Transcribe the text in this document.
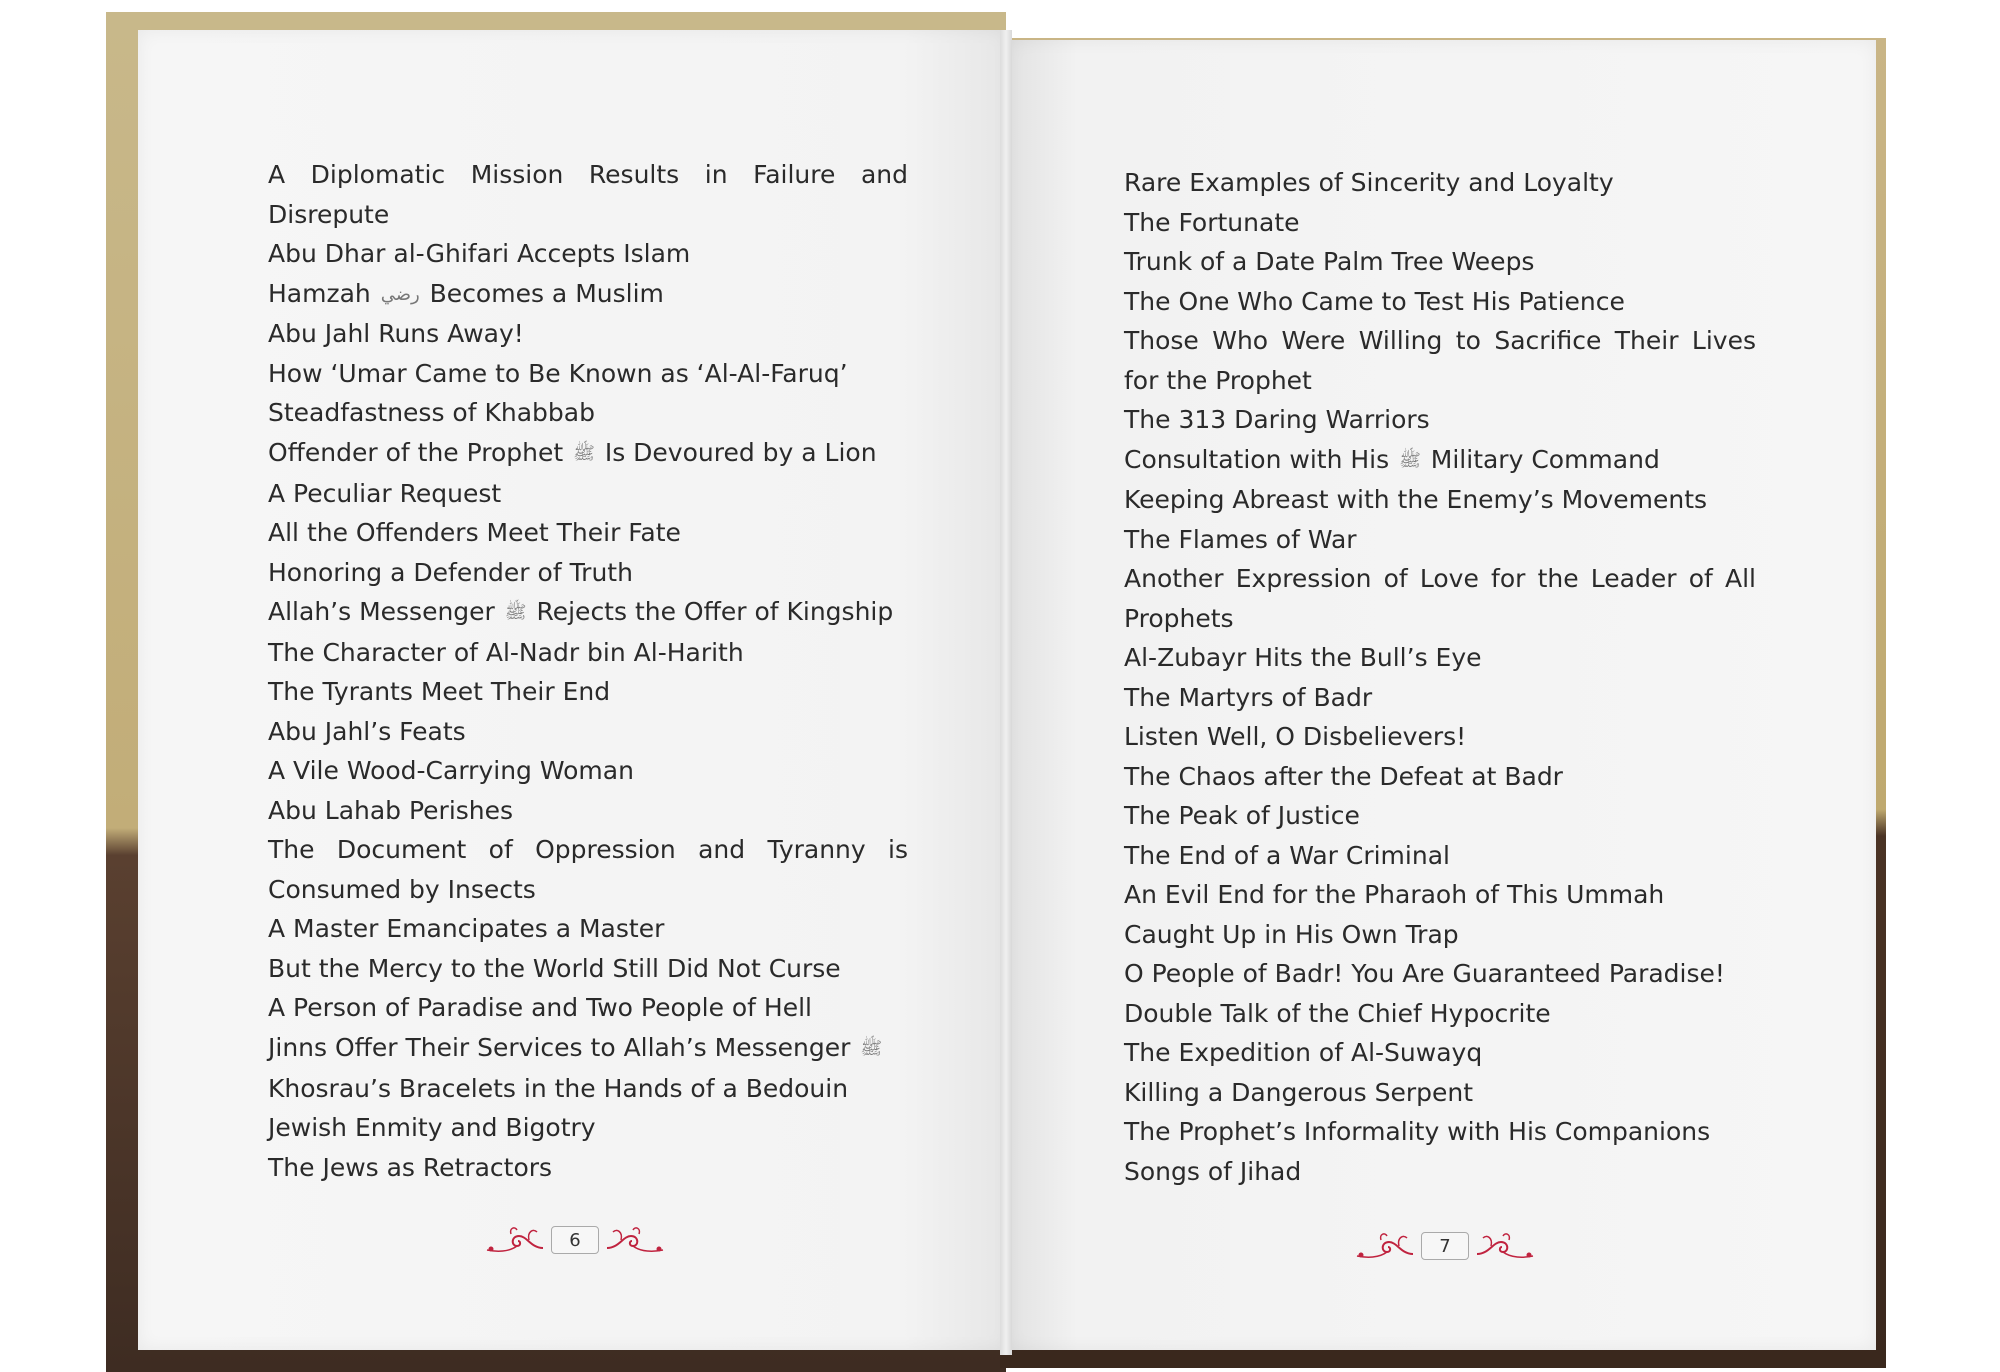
A Diplomatic Mission Results in Failure and Disrepute
Abu Dhar al-Ghifari Accepts Islam
Hamzah رضي Becomes a Muslim
Abu Jahl Runs Away!
How ‘Umar Came to Be Known as ‘Al-Al-Faruq’
Steadfastness of Khabbab
Offender of the Prophet ﷺ Is Devoured by a Lion
A Peculiar Request
All the Offenders Meet Their Fate
Honoring a Defender of Truth
Allah’s Messenger ﷺ Rejects the Offer of Kingship
The Character of Al-Nadr bin Al-Harith
The Tyrants Meet Their End
Abu Jahl’s Feats
A Vile Wood-Carrying Woman
Abu Lahab Perishes
The Document of Oppression and Tyranny is Consumed by Insects
A Master Emancipates a Master
But the Mercy to the World Still Did Not Curse
A Person of Paradise and Two People of Hell
Jinns Offer Their Services to Allah’s Messenger ﷺ
Khosrau’s Bracelets in the Hands of a Bedouin
Jewish Enmity and Bigotry
The Jews as Retractors
Rare Examples of Sincerity and Loyalty
The Fortunate
Trunk of a Date Palm Tree Weeps
The One Who Came to Test His Patience
Those Who Were Willing to Sacrifice Their Lives for the Prophet
The 313 Daring Warriors
Consultation with His ﷺ Military Command
Keeping Abreast with the Enemy’s Movements
The Flames of War
Another Expression of Love for the Leader of All Prophets
Al-Zubayr Hits the Bull’s Eye
The Martyrs of Badr
Listen Well, O Disbelievers!
The Chaos after the Defeat at Badr
The Peak of Justice
The End of a War Criminal
An Evil End for the Pharaoh of This Ummah
Caught Up in His Own Trap
O People of Badr! You Are Guaranteed Paradise!
Double Talk of the Chief Hypocrite
The Expedition of Al-Suwayq
Killing a Dangerous Serpent
The Prophet’s Informality with His Companions
Songs of Jihad
6	7
